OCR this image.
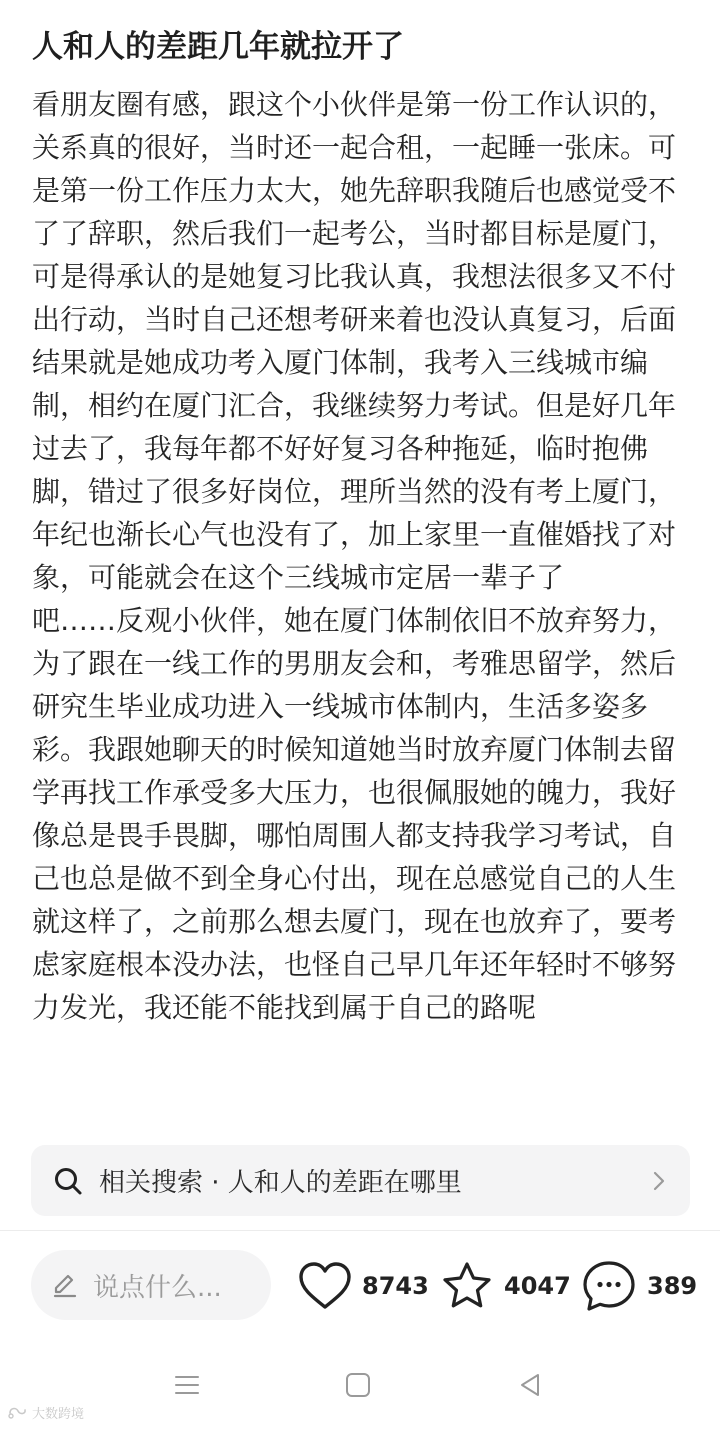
人和人的差距几年就拉开了

看朋友圈有感，跟这个小伙伴是第一份工作认识的，关系真的很好，当时还一起合租，一起睡一张床。可是第一份工作压力太大，她先辞职我随后也感觉受不了了辞职，然后我们一起考公，当时都目标是厦门，可是得承认的是她复习比我认真，我想法很多又不付出行动，当时自己还想考研来着也没认真复习，后面结果就是她成功考入厦门体制，我考入三线城市编制，相约在厦门汇合，我继续努力考试。但是好几年过去了，我每年都不好好复习各种拖延，临时抱佛脚，错过了很多好岗位，理所当然的没有考上厦门，年纪也渐长心气也没有了，加上家里一直催婚找了对象，可能就会在这个三线城市定居一辈子了
吧……反观小伙伴，她在厦门体制依旧不放弃努力，为了跟在一线工作的男朋友会和，考雅思留学，然后研究生毕业成功进入一线城市体制内，生活多姿多彩。我跟她聊天的时候知道她当时放弃厦门体制去留学再找工作承受多大压力，也很佩服她的魄力，我好像总是畏手畏脚，哪怕周围人都支持我学习考试，自己也总是做不到全身心付出，现在总感觉自己的人生就这样了，之前那么想去厦门，现在也放弃了，要考虑家庭根本没办法，也怪自己早几年还年轻时不够努力发光，我还能不能找到属于自己的路呢

相关搜索 · 人和人的差距在哪里
说点什么...	8743	4047	389
大数跨境
